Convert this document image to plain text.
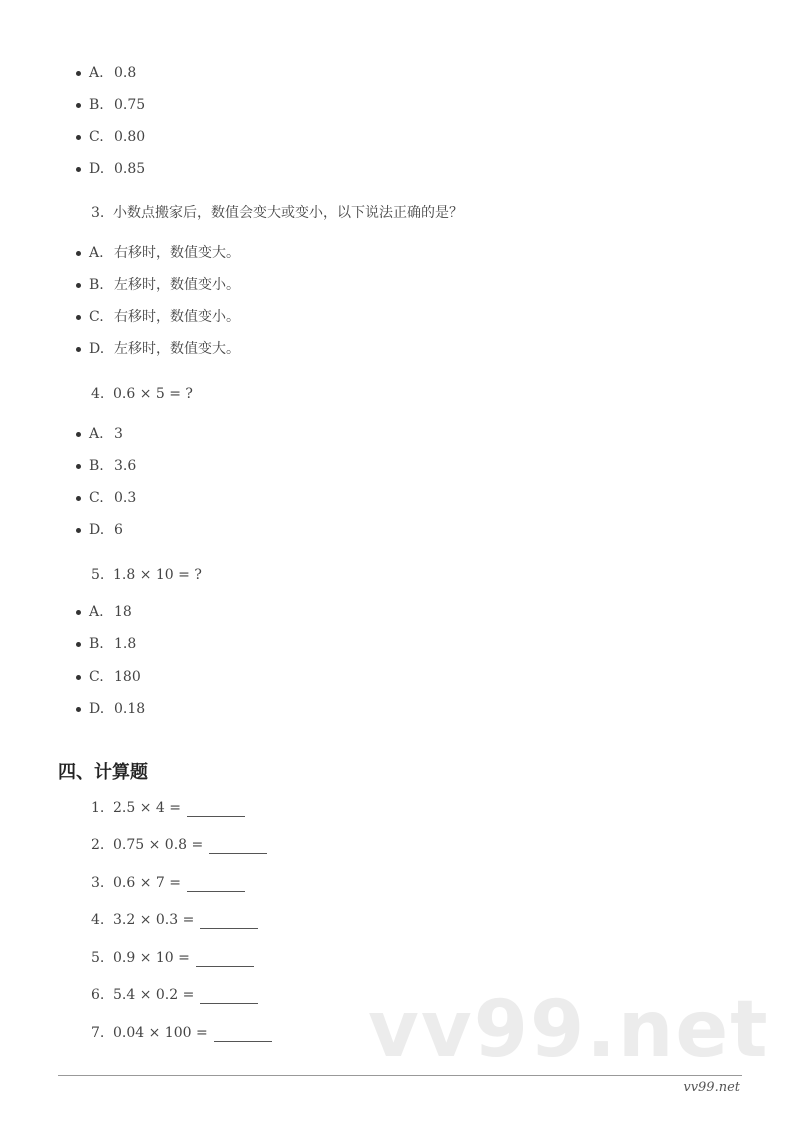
A. 0.8
B. 0.75
C. 0.80
D. 0.85
3. 小数点搬家后，数值会变大或变小，以下说法正确的是？
A. 右移时，数值变大。
B. 左移时，数值变小。
C. 右移时，数值变小。
D. 左移时，数值变大。
4. 0.6 × 5 = ?
A. 3
B. 3.6
C. 0.3
D. 6
5. 1.8 × 10 = ?
A. 18
B. 1.8
C. 180
D. 0.18
四、计算题
1. 2.5 × 4 =
2. 0.75 × 0.8 =
3. 0.6 × 7 =
4. 3.2 × 0.3 =
5. 0.9 × 10 =
6. 5.4 × 0.2 =
7. 0.04 × 100 =	vv99.net
vv99.net
